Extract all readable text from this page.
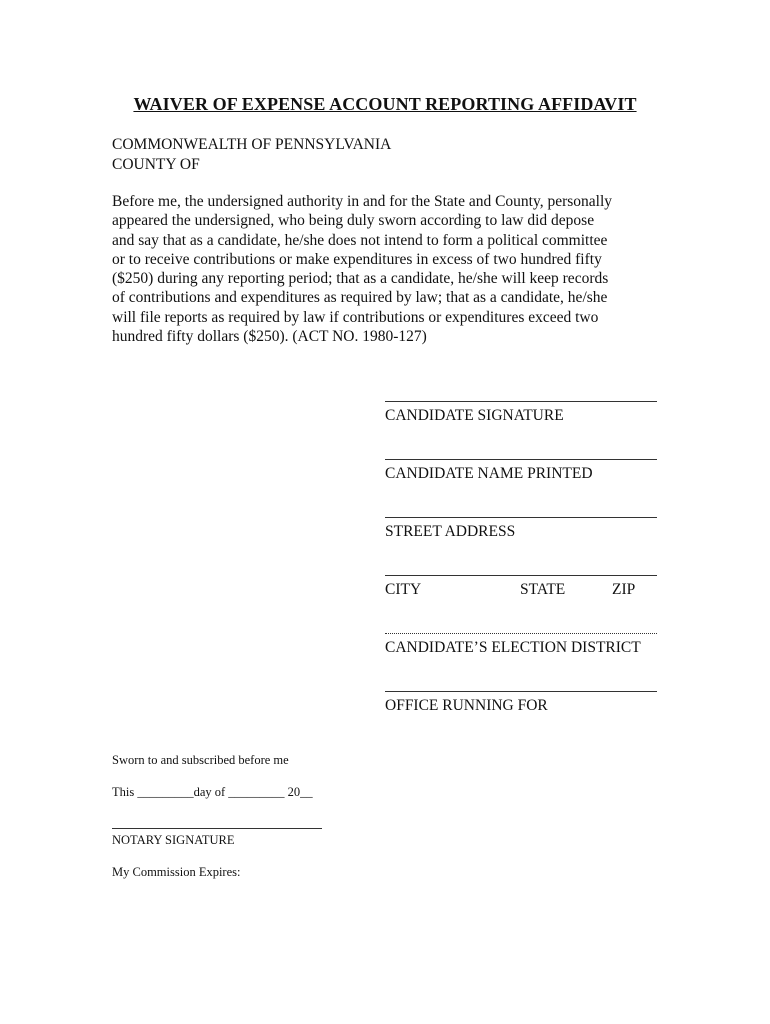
WAIVER OF EXPENSE ACCOUNT REPORTING AFFIDAVIT
COMMONWEALTH OF PENNSYLVANIA
COUNTY OF
Before me, the undersigned authority in and for the State and County, personally
appeared the undersigned, who being duly sworn according to law did depose
and say that as a candidate, he/she does not intend to form a political committee
or to receive contributions or make expenditures in excess of two hundred fifty
($250) during any reporting period; that as a candidate, he/she will keep records
of contributions and expenditures as required by law; that as a candidate, he/she
will file reports as required by law if contributions or expenditures exceed two
hundred fifty dollars ($250). (ACT NO. 1980-127)
CANDIDATE SIGNATURE
CANDIDATE NAME PRINTED
STREET ADDRESS
CITY	STATE	ZIP
CANDIDATE’S ELECTION DISTRICT
OFFICE RUNNING FOR
Sworn to and subscribed before me
This _________day of _________ 20__
NOTARY SIGNATURE
My Commission Expires:
